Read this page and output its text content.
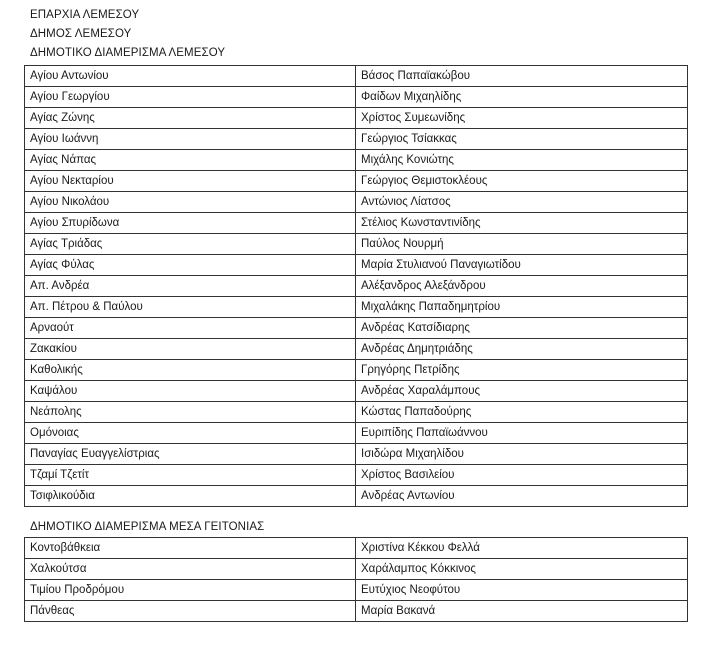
ΕΠΑΡΧΙΑ ΛΕΜΕΣΟΥ
ΔΗΜΟΣ ΛΕΜΕΣΟΥ
ΔΗΜΟΤΙΚΟ ΔΙΑΜΕΡΙΣΜΑ ΛΕΜΕΣΟΥ
Αγίου Αντωνίου	Βάσος Παπαϊακώβου
Αγίου Γεωργίου	Φαίδων Μιχαηλίδης
Αγίας Ζώνης	Χρίστος Συμεωνίδης
Αγίου Ιωάννη	Γεώργιος Τσίακκας
Αγίας Νάπας	Μιχάλης Κονιώτης
Αγίου Νεκταρίου	Γεώργιος Θεμιστοκλέους
Αγίου Νικολάου	Αντώνιος Λίατσος
Αγίου Σπυρίδωνα	Στέλιος Κωνσταντινίδης
Αγίας Τριάδας	Παύλος Νουρμή
Αγίας Φύλας	Μαρία Στυλιανού Παναγιωτίδου
Απ. Ανδρέα	Αλέξανδρος Αλεξάνδρου
Απ. Πέτρου & Παύλου	Μιχαλάκης Παπαδημητρίου
Αρναούτ	Ανδρέας Κατσίδιαρης
Ζακακίου	Ανδρέας Δημητριάδης
Καθολικής	Γρηγόρης Πετρίδης
Καψάλου	Ανδρέας Χαραλάμπους
Νεάπολης	Κώστας Παπαδούρης
Ομόνοιας	Ευριπίδης Παπαϊωάννου
Παναγίας Ευαγγελίστριας	Ισιδώρα Μιχαηλίδου
Τζαμί Τζετίτ	Χρίστος Βασιλείου
Τσιφλικούδια	Ανδρέας Αντωνίου
ΔΗΜΟΤΙΚΟ ΔΙΑΜΕΡΙΣΜΑ ΜΕΣΑ ΓΕΙΤΟΝΙΑΣ
Κοντοβάθκεια	Χριστίνα Κέκκου Φελλά
Χαλκούτσα	Χαράλαμπος Κόκκινος
Τιμίου Προδρόμου	Ευτύχιος Νεοφύτου
Πάνθεας	Μαρία Βακανά
